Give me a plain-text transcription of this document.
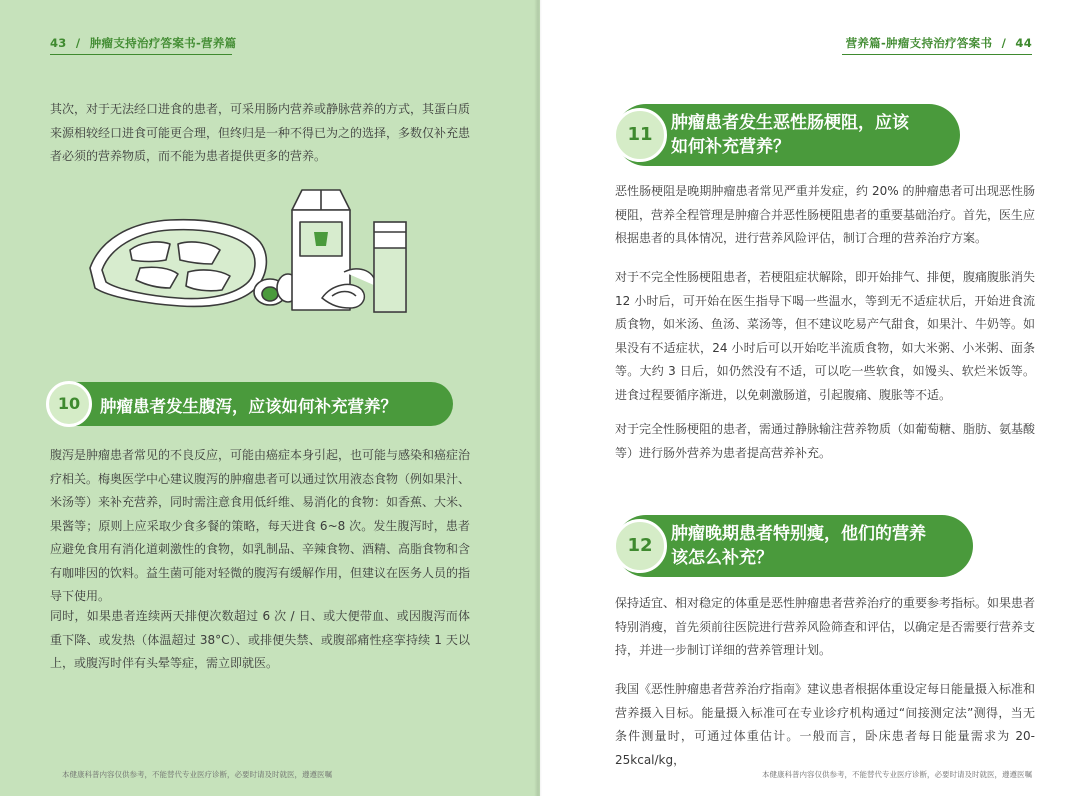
43 / 肿瘤支持治疗答案书-营养篇

其次，对于无法经口进食的患者，可采用肠内营养或静脉营养的方式，其蛋白质来源相较经口进食可能更合理，但终归是一种不得已为之的选择，多数仅补充患者必须的营养物质，而不能为患者提供更多的营养。

10	肿瘤患者发生腹泻，应该如何补充营养？

腹泻是肿瘤患者常见的不良反应，可能由癌症本身引起，也可能与感染和癌症治疗相关。梅奥医学中心建议腹泻的肿瘤患者可以通过饮用液态食物（例如果汁、米汤等）来补充营养，同时需注意食用低纤维、易消化的食物：如香蕉、大米、果酱等；原则上应采取少食多餐的策略，每天进食 6~8 次。发生腹泻时，患者应避免食用有消化道刺激性的食物，如乳制品、辛辣食物、酒精、高脂食物和含有咖啡因的饮料。益生菌可能对轻微的腹泻有缓解作用，但建议在医务人员的指导下使用。

同时，如果患者连续两天排便次数超过 6 次 / 日、或大便带血、或因腹泻而体重下降、或发热（体温超过 38°C）、或排便失禁、或腹部痛性痉挛持续 1 天以上，或腹泻时伴有头晕等症，需立即就医。

本健康科普内容仅供参考，不能替代专业医疗诊断，必要时请及时就医，遵遵医嘱
营养篇-肿瘤支持治疗答案书 / 44
11
肿瘤患者发生恶性肠梗阻，应该
如何补充营养？

恶性肠梗阻是晚期肿瘤患者常见严重并发症，约 20% 的肿瘤患者可出现恶性肠梗阻，营养全程管理是肿瘤合并恶性肠梗阻患者的重要基础治疗。首先，医生应根据患者的具体情况，进行营养风险评估，制订合理的营养治疗方案。

对于不完全性肠梗阻患者，若梗阻症状解除，即开始排气、排便，腹痛腹胀消失 12 小时后，可开始在医生指导下喝一些温水，等到无不适症状后，开始进食流质食物，如米汤、鱼汤、菜汤等，但不建议吃易产气甜食，如果汁、牛奶等。如果没有不适症状，24 小时后可以开始吃半流质食物，如大米粥、小米粥、面条等。大约 3 日后，如仍然没有不适，可以吃一些软食，如馒头、软烂米饭等。进食过程要循序渐进，以免刺激肠道，引起腹痛、腹胀等不适。

对于完全性肠梗阻的患者，需通过静脉输注营养物质（如葡萄糖、脂肪、氨基酸等）进行肠外营养为患者提高营养补充。

12
肿瘤晚期患者特别瘦，他们的营养
该怎么补充？

保持适宜、相对稳定的体重是恶性肿瘤患者营养治疗的重要参考指标。如果患者特别消瘦，首先须前往医院进行营养风险筛查和评估，以确定是否需要行营养支持，并进一步制订详细的营养管理计划。

我国《恶性肿瘤患者营养治疗指南》建议患者根据体重设定每日能量摄入标准和营养摄入目标。能量摄入标准可在专业诊疗机构通过“间接测定法”测得，当无条件测量时，可通过体重估计。一般而言，卧床患者每日能量需求为 20-25kcal/kg，

本健康科普内容仅供参考，不能替代专业医疗诊断，必要时请及时就医，遵遵医嘱
